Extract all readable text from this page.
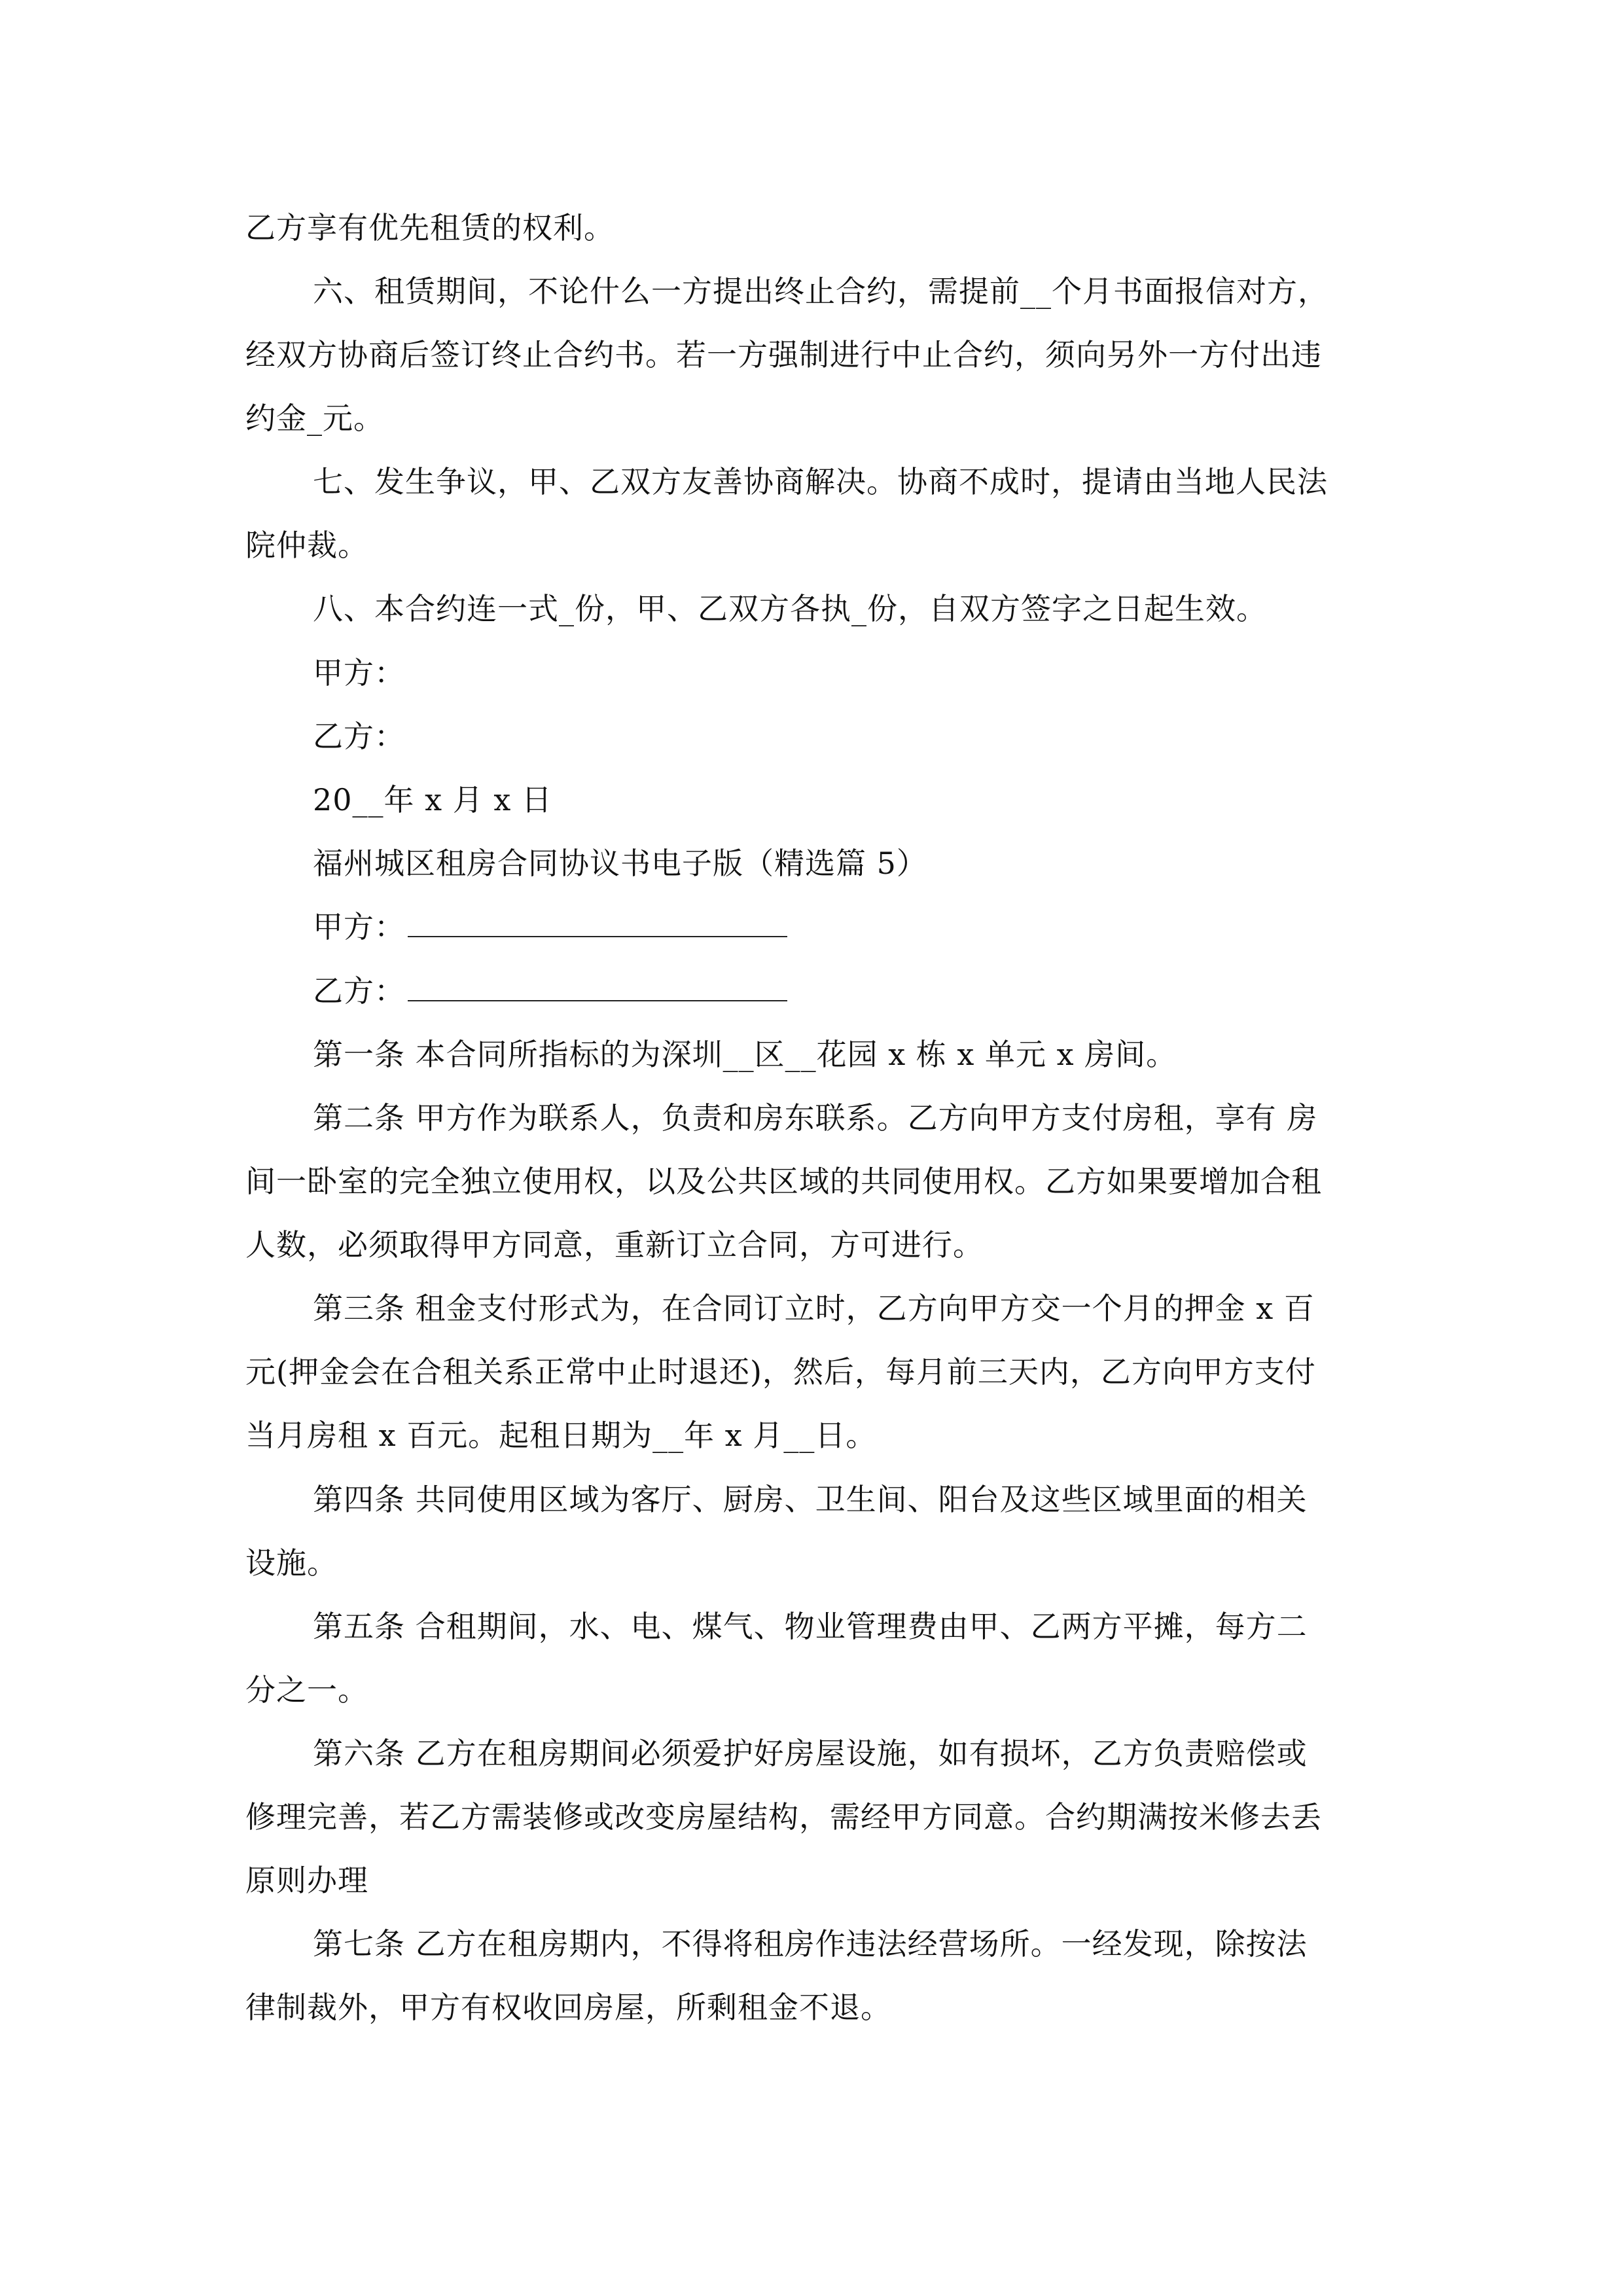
乙方享有优先租赁的权利。
六、租赁期间，不论什么一方提出终止合约，需提前__个月书面报信对方，
经双方协商后签订终止合约书。若一方强制进行中止合约，须向另外一方付出违
约金_元。
七、发生争议，甲、乙双方友善协商解决。协商不成时，提请由当地人民法
院仲裁。
八、本合约连一式_份，甲、乙双方各执_份，自双方签字之日起生效。
甲方：
乙方：
20__年 x 月 x 日
福州城区租房合同协议书电子版（精选篇 5）
甲方：
乙方：
第一条 本合同所指标的为深圳__区__花园 x 栋 x 单元 x 房间。
第二条 甲方作为联系人，负责和房东联系。乙方向甲方支付房租，享有 房
间一卧室的完全独立使用权，以及公共区域的共同使用权。乙方如果要增加合租
人数，必须取得甲方同意，重新订立合同，方可进行。
第三条 租金支付形式为，在合同订立时，乙方向甲方交一个月的押金 x 百
元(押金会在合租关系正常中止时退还)，然后，每月前三天内，乙方向甲方支付
当月房租 x 百元。起租日期为__年 x 月__日。
第四条 共同使用区域为客厅、厨房、卫生间、阳台及这些区域里面的相关
设施。
第五条 合租期间，水、电、煤气、物业管理费由甲、乙两方平摊，每方二
分之一。
第六条 乙方在租房期间必须爱护好房屋设施，如有损坏，乙方负责赔偿或
修理完善，若乙方需装修或改变房屋结构，需经甲方同意。合约期满按米修去丢
原则办理
第七条 乙方在租房期内，不得将租房作违法经营场所。一经发现，除按法
律制裁外，甲方有权收回房屋，所剩租金不退。
